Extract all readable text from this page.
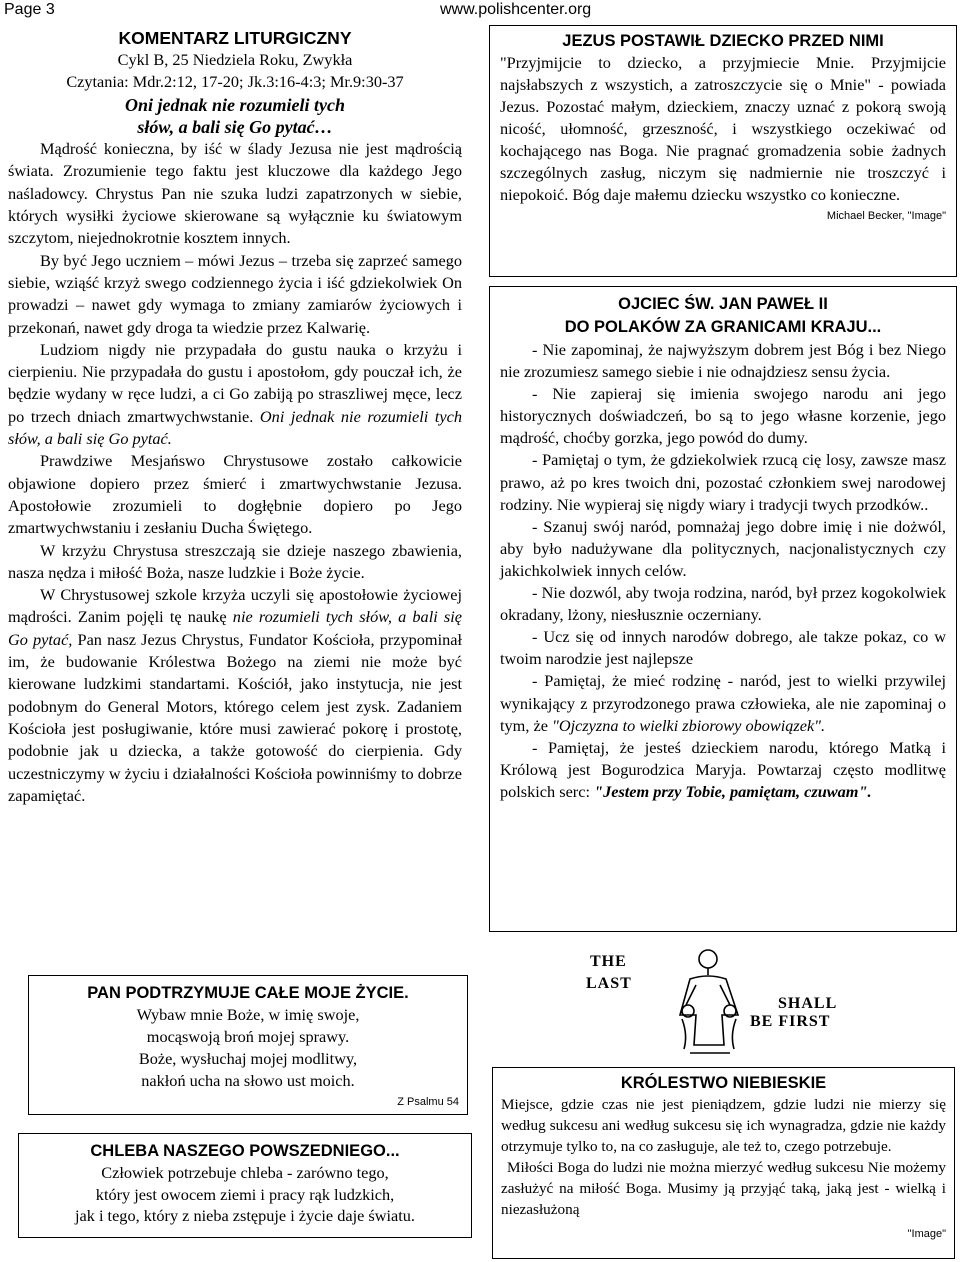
Page 3	www.polishcenter.org
KOMENTARZ LITURGICZNY
Cykl B, 25 Niedziela Roku, Zwykła
Czytania: Mdr.2:12, 17-20; Jk.3:16-4:3; Mr.9:30-37
Oni jednak nie rozumieli tych
słów, a bali się Go pytać…

Mądrość konieczna, by iść w ślady Jezusa nie jest mądrością świata. Zrozumienie tego faktu jest kluczowe dla każdego Jego naśladowcy. Chrystus Pan nie szuka ludzi zapatrzonych w siebie, których wysiłki życiowe skierowane są wyłącznie ku światowym szczytom, niejednokrotnie kosztem innych.

By być Jego uczniem – mówi Jezus – trzeba się zaprzeć samego siebie, wziąść krzyż swego codziennego życia i iść gdziekolwiek On prowadzi – nawet gdy wymaga to zmiany zamiarów życiowych i przekonań, nawet gdy droga ta wiedzie przez Kalwarię.

Ludziom nigdy nie przypadała do gustu nauka o krzyżu i cierpieniu. Nie przypadała do gustu i apostołom, gdy pouczał ich, że będzie wydany w ręce ludzi, a ci Go zabiją po straszliwej męce, lecz po trzech dniach zmartwychwstanie. Oni jednak nie rozumieli tych słów, a bali się Go pytać.

Prawdziwe Mesjańswo Chrystusowe zostało całkowicie objawione dopiero przez śmierć i zmartwychwstanie Jezusa. Apostołowie zrozumieli to dogłębnie dopiero po Jego zmartwychwstaniu i zesłaniu Ducha Świętego.

W krzyżu Chrystusa streszczają sie dzieje naszego zbawienia, nasza nędza i miłość Boża, nasze ludzkie i Boże życie.

W Chrystusowej szkole krzyża uczyli się apostołowie życiowej mądrości. Zanim pojęli tę naukę nie rozumieli tych słów, a bali się Go pytać, Pan nasz Jezus Chrystus, Fundator Kościoła, przypominał im, że budowanie Królestwa Bożego na ziemi nie może być kierowane ludzkimi standartami. Kościół, jako instytucja, nie jest podobnym do General Motors, którego celem jest zysk. Zadaniem Kościoła jest posługiwanie, które musi zawierać pokorę i prostotę, podobnie jak u dziecka, a także gotowość do cierpienia. Gdy uczestniczymy w życiu i działalności Kościoła powinniśmy to dobrze zapamiętać.

PAN PODTRZYMUJE CAŁE MOJE ŻYCIE.
Wybaw mnie Boże, w imię swoje,
mocąswoją broń mojej sprawy.
Boże, wysłuchaj mojej modlitwy,
nakłoń ucha na słowo ust moich.
Z Psalmu 54
CHLEBA NASZEGO POWSZEDNIEGO...
Człowiek potrzebuje chleba - zarówno tego,
który jest owocem ziemi i pracy rąk ludzkich,
jak i tego, który z nieba zstępuje i życie daje światu.
JEZUS POSTAWIŁ DZIECKO PRZED NIMI

"Przyjmijcie to dziecko, a przyjmiecie Mnie. Przyjmijcie najsłabszych z wszystich, a zatroszczycie się o Mnie" - powiada Jezus. Pozostać małym, dzieckiem, znaczy uznać z pokorą swoją nicość, ułomność, grzeszność, i wszystkiego oczekiwać od kochającego nas Boga. Nie pragnać gromadzenia sobie żadnych szczególnych zasług, niczym się nadmiernie nie troszczyć i niepokoić. Bóg daje małemu dziecku wszystko co konieczne.

Michael Becker, "Image"
OJCIEC ŚW. JAN PAWEŁ II
DO POLAKÓW ZA GRANICAMI KRAJU...

- Nie zapominaj, że najwyższym dobrem jest Bóg i bez Niego nie zrozumiesz samego siebie i nie odnajdziesz sensu życia.

- Nie zapieraj się imienia swojego narodu ani jego historycznych doświadczeń, bo są to jego własne korzenie, jego mądrość, choćby gorzka, jego powód do dumy.

- Pamiętaj o tym, że gdziekolwiek rzucą cię losy, zawsze masz prawo, aż po kres twoich dni, pozostać członkiem swej narodowej rodziny. Nie wypieraj się nigdy wiary i tradycji twych przodków..

- Szanuj swój naród, pomnażaj jego dobre imię i nie dożwól, aby było nadużywane dla politycznych, nacjonalistycznych czy jakichkolwiek innych celów.

- Nie dozwól, aby twoja rodzina, naród, był przez kogokolwiek okradany, lżony, niesłusznie oczerniany.

- Ucz się od innych narodów dobrego, ale takze pokaz, co w twoim narodzie jest najlepsze

- Pamiętaj, że mieć rodzinę - naród, jest to wielki przywilej wynikający z przyrodzonego prawa człowieka, ale nie zapominaj o tym, że "Ojczyzna to wielki zbiorowy obowiązek".

- Pamiętaj, że jesteś dzieckiem narodu, którego Matką i Królową jest Bogurodzica Maryja. Powtarzaj często modlitwę polskich serc: "Jestem przy Tobie, pamiętam, czuwam".

THE
LAST
SHALL
BE FIRST
KRÓLESTWO NIEBIESKIE

Miejsce, gdzie czas nie jest pieniądzem, gdzie ludzi nie mierzy się według sukcesu ani według sukcesu się ich wynagradza, gdzie nie każdy otrzymuje tylko to, na co zasługuje, ale też to, czego potrzebuje.

Miłości Boga do ludzi nie można mierzyć według sukcesu Nie możemy zasłużyć na miłość Boga. Musimy ją przyjąć taką, jaką jest - wielką i niezasłużoną

"Image"
